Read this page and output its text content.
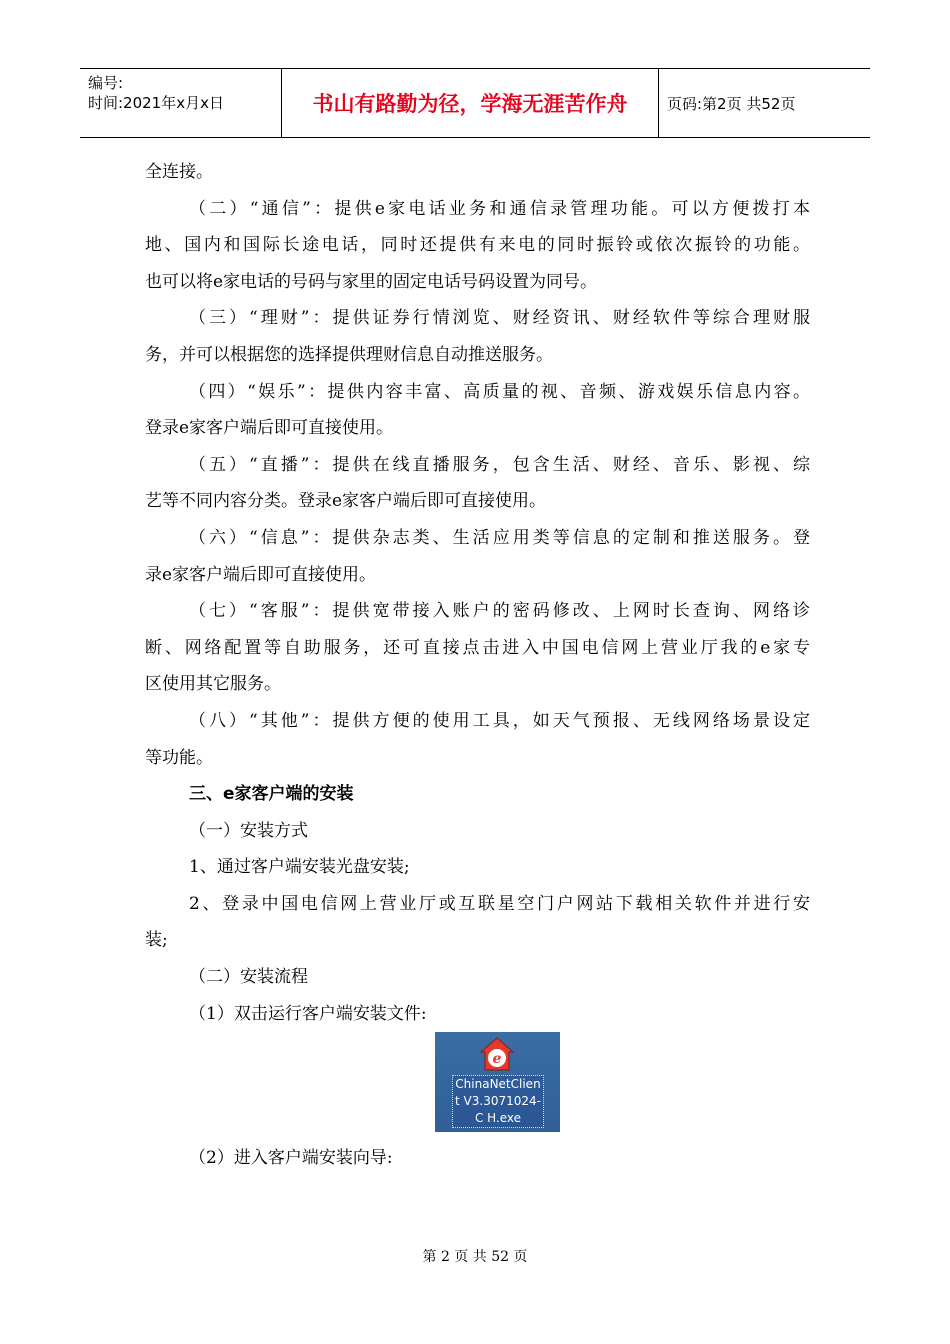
编号:
时间:2021年x月x日	书山有路勤为径，学海无涯苦作舟	页码:第2页 共52页
全连接。
（二）“通信”：提供e家电话业务和通信录管理功能。可以方便拨打本
地、国内和国际长途电话，同时还提供有来电的同时振铃或依次振铃的功能。
也可以将e家电话的号码与家里的固定电话号码设置为同号。
（三）“理财”：提供证券行情浏览、财经资讯、财经软件等综合理财服
务，并可以根据您的选择提供理财信息自动推送服务。
（四）“娱乐”：提供内容丰富、高质量的视、音频、游戏娱乐信息内容。
登录e家客户端后即可直接使用。
（五）“直播”：提供在线直播服务，包含生活、财经、音乐、影视、综
艺等不同内容分类。登录e家客户端后即可直接使用。
（六）“信息”：提供杂志类、生活应用类等信息的定制和推送服务。登
录e家客户端后即可直接使用。
（七）“客服”：提供宽带接入账户的密码修改、上网时长查询、网络诊
断、网络配置等自助服务，还可直接点击进入中国电信网上营业厅我的e家专
区使用其它服务。
（八）“其他”：提供方便的使用工具，如天气预报、无线网络场景设定
等功能。
三、e家客户端的安装
（一）安装方式
1、通过客户端安装光盘安装;
2、登录中国电信网上营业厅或互联星空门户网站下载相关软件并进行安
装;
（二）安装流程
（1）双击运行客户端安装文件:
e
ChinaNetClient V3.3071024-C H.exe
（2）进入客户端安装向导:
第 2 页 共 52 页
